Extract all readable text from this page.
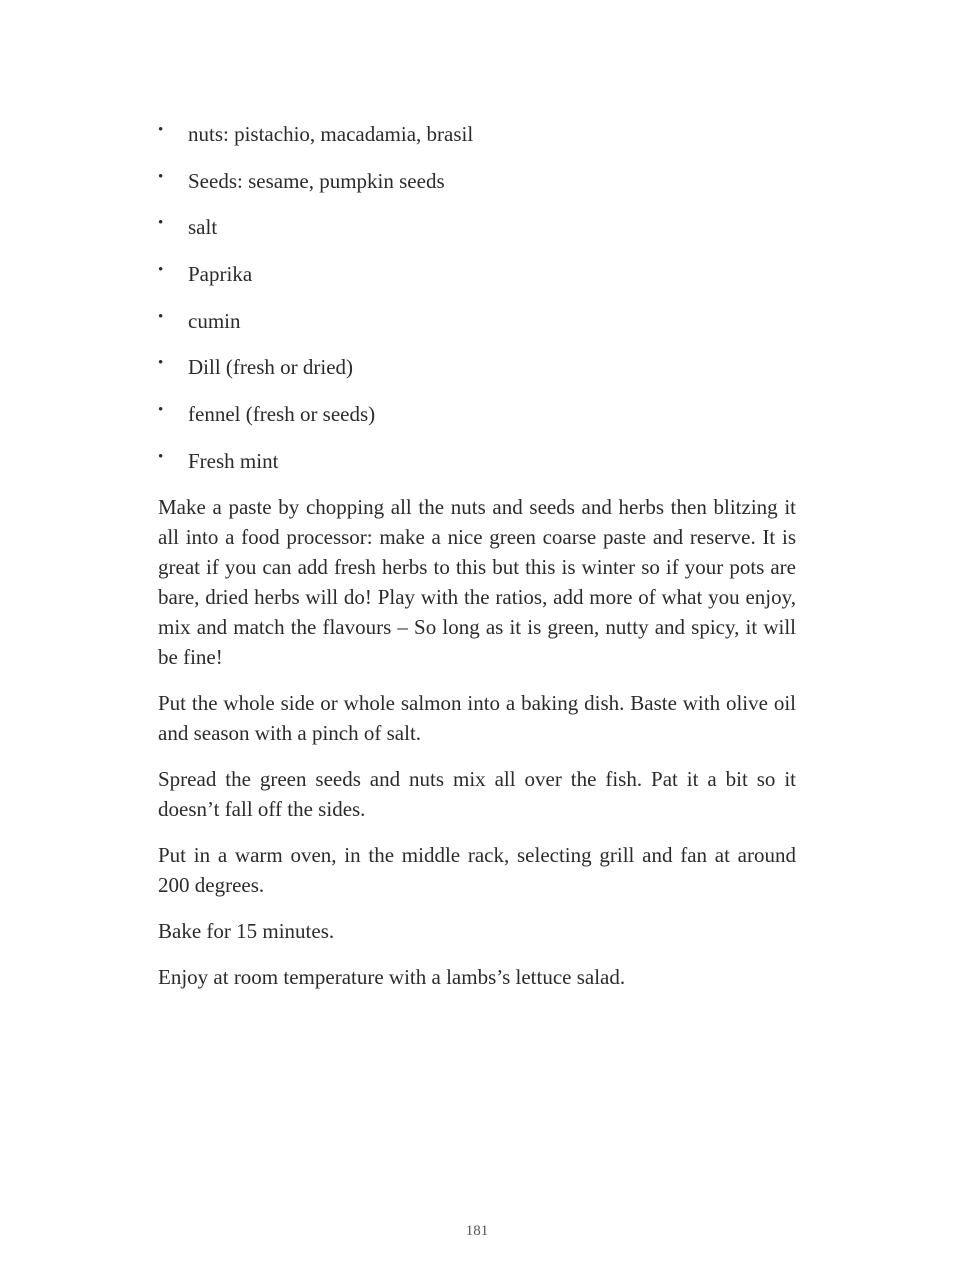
• nuts: pistachio, macadamia, brasil
• Seeds: sesame, pumpkin seeds
• salt
• Paprika
• cumin
• Dill (fresh or dried)
• fennel (fresh or seeds)
• Fresh mint

Make a paste by chopping all the nuts and seeds and herbs then blitzing it all into a food processor: make a nice green coarse paste and reserve. It is great if you can add fresh herbs to this but this is winter so if your pots are bare, dried herbs will do! Play with the ratios, add more of what you enjoy, mix and match the flavours – So long as it is green, nutty and spicy, it will be fine!

Put the whole side or whole salmon into a baking dish. Baste with olive oil and season with a pinch of salt.

Spread the green seeds and nuts mix all over the fish. Pat it a bit so it doesn’t fall off the sides.

Put in a warm oven, in the middle rack, selecting grill and fan at around 200 degrees.

Bake for 15 minutes.

Enjoy at room temperature with a lambs’s lettuce salad.

181
